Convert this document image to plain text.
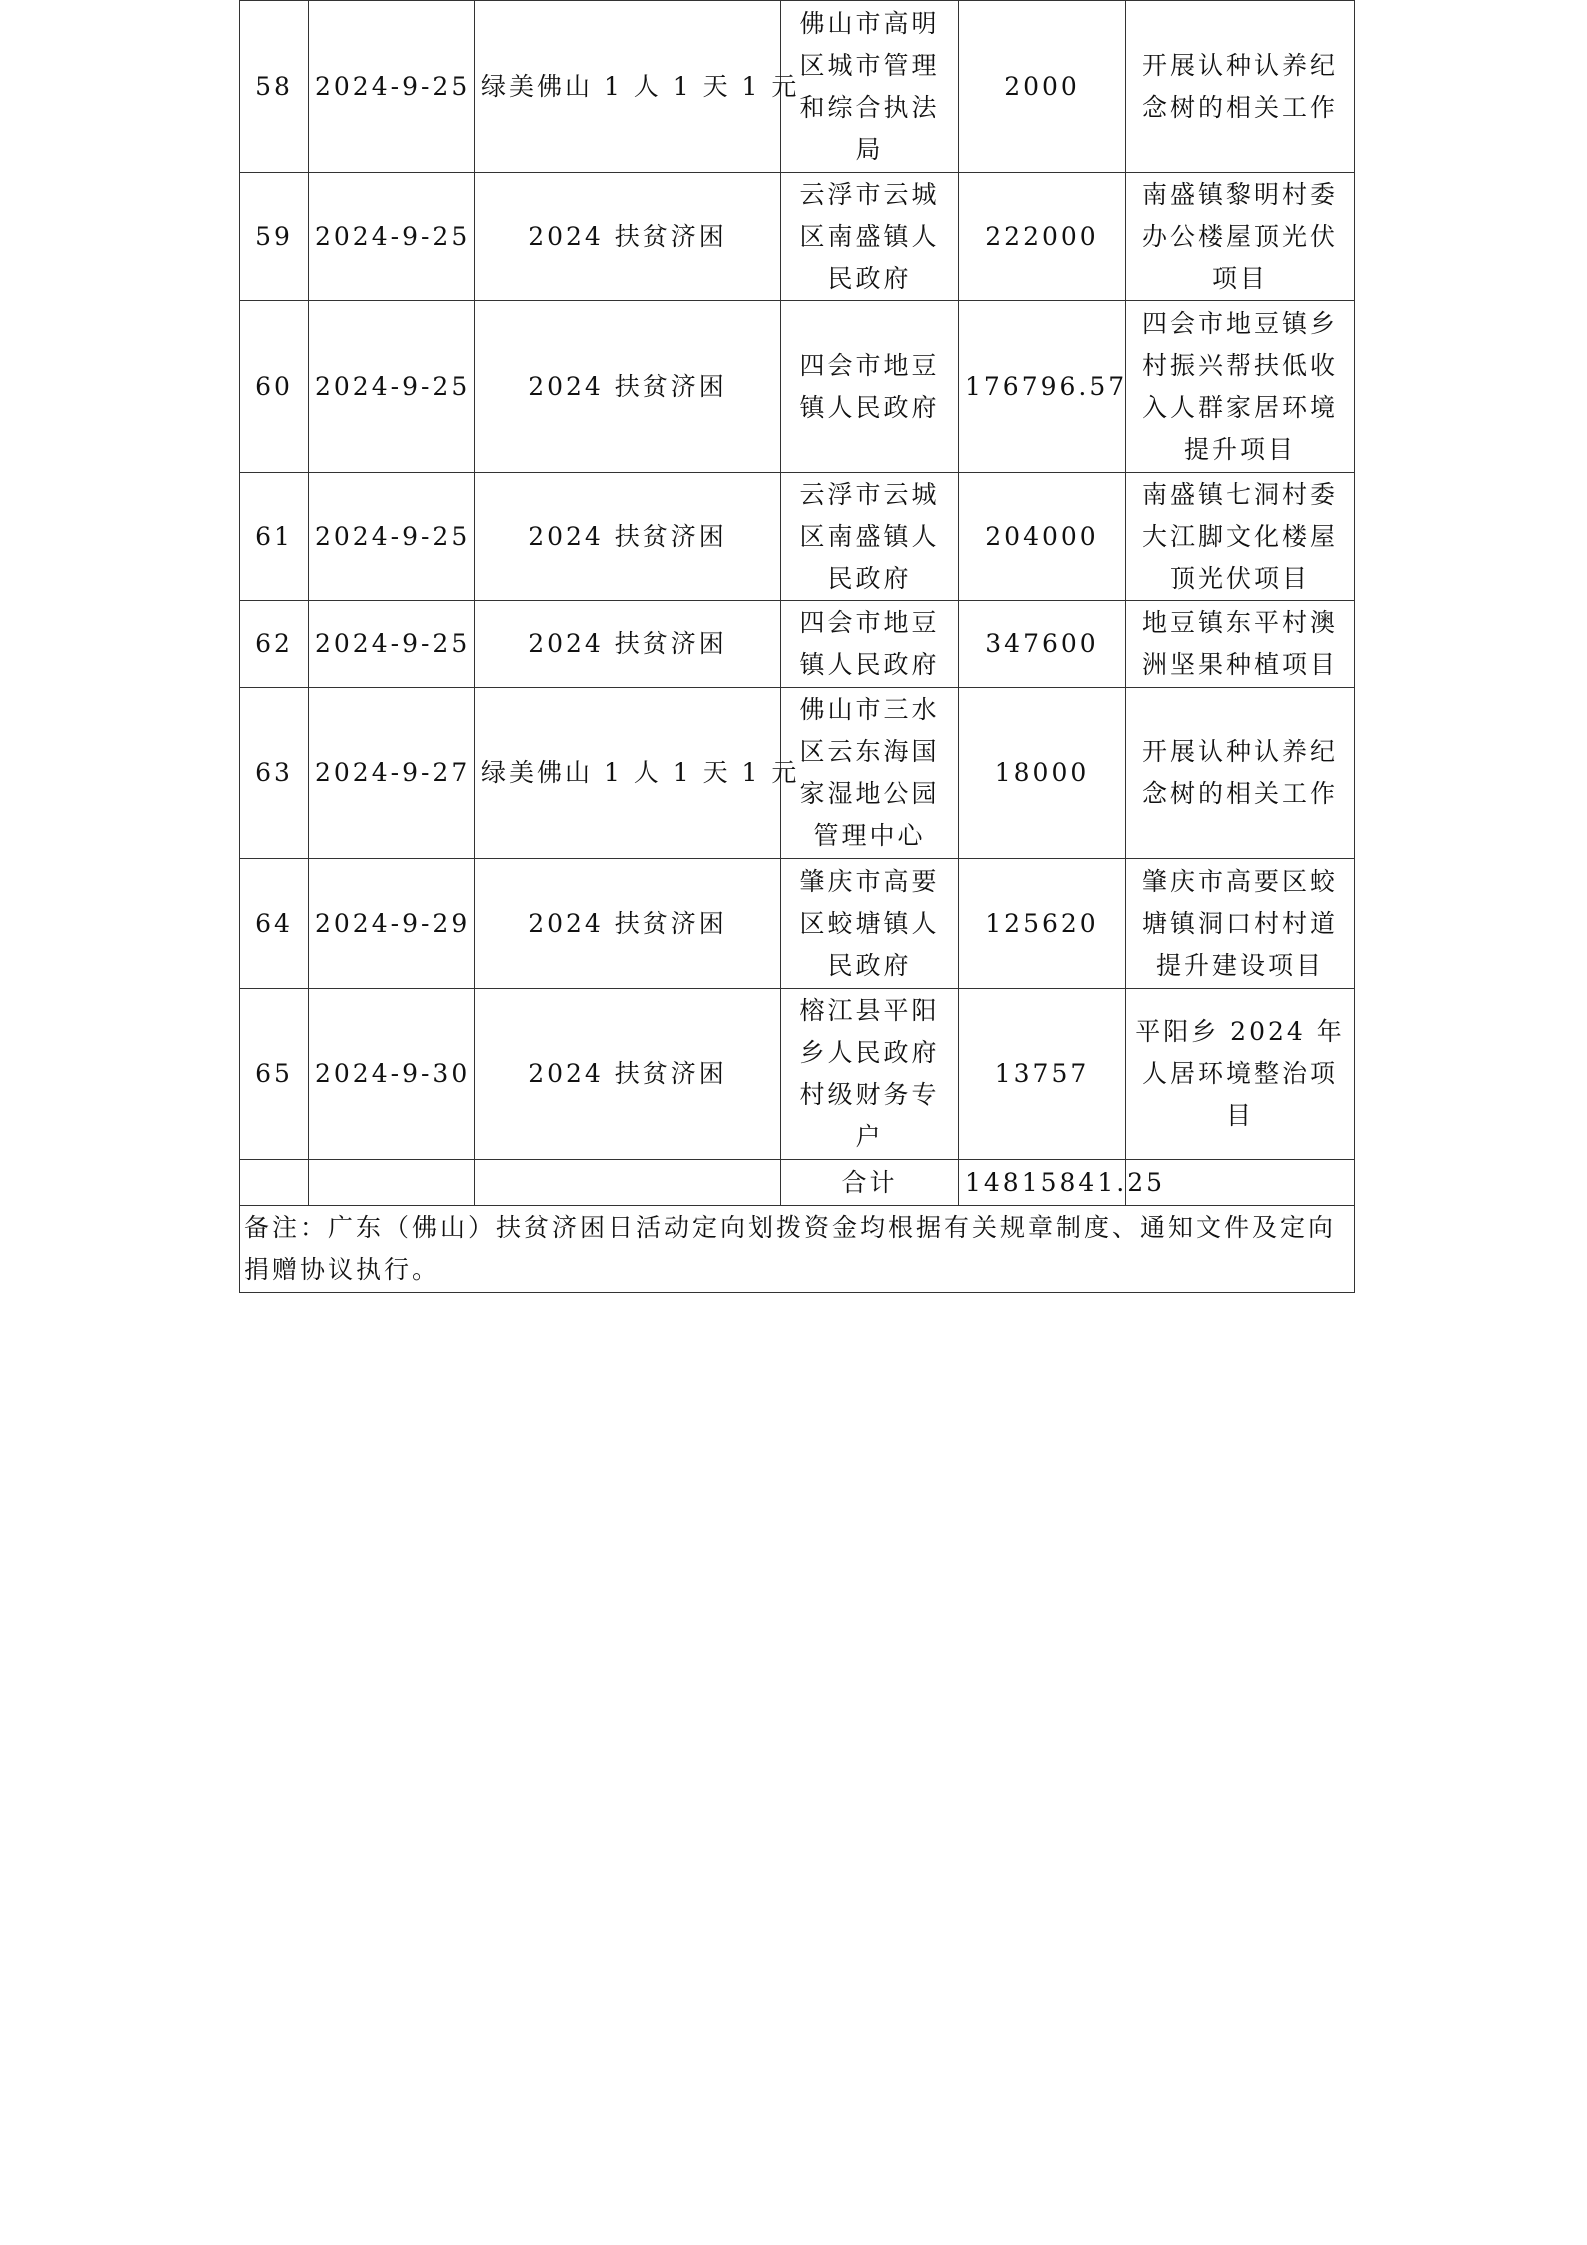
58	2024-9-25	绿美佛山 1 人 1 天 1 元	佛山市高明区城市管理和综合执法局	2000	开展认种认养纪念树的相关工作
59	2024-9-25	2024 扶贫济困	云浮市云城区南盛镇人民政府	222000	南盛镇黎明村委办公楼屋顶光伏项目
60	2024-9-25	2024 扶贫济困	四会市地豆镇人民政府	176796.57	四会市地豆镇乡村振兴帮扶低收入人群家居环境提升项目
61	2024-9-25	2024 扶贫济困	云浮市云城区南盛镇人民政府	204000	南盛镇七洞村委大江脚文化楼屋顶光伏项目
62	2024-9-25	2024 扶贫济困	四会市地豆镇人民政府	347600	地豆镇东平村澳洲坚果种植项目
63	2024-9-27	绿美佛山 1 人 1 天 1 元	佛山市三水区云东海国家湿地公园管理中心	18000	开展认种认养纪念树的相关工作
64	2024-9-29	2024 扶贫济困	肇庆市高要区蛟塘镇人民政府	125620	肇庆市高要区蛟塘镇洞口村村道提升建设项目
65	2024-9-30	2024 扶贫济困	榕江县平阳乡人民政府村级财务专户	13757	平阳乡 2024 年人居环境整治项目
			合计	14815841.25	
备注：广东（佛山）扶贫济困日活动定向划拨资金均根据有关规章制度、通知文件及定向捐赠协议执行。					
